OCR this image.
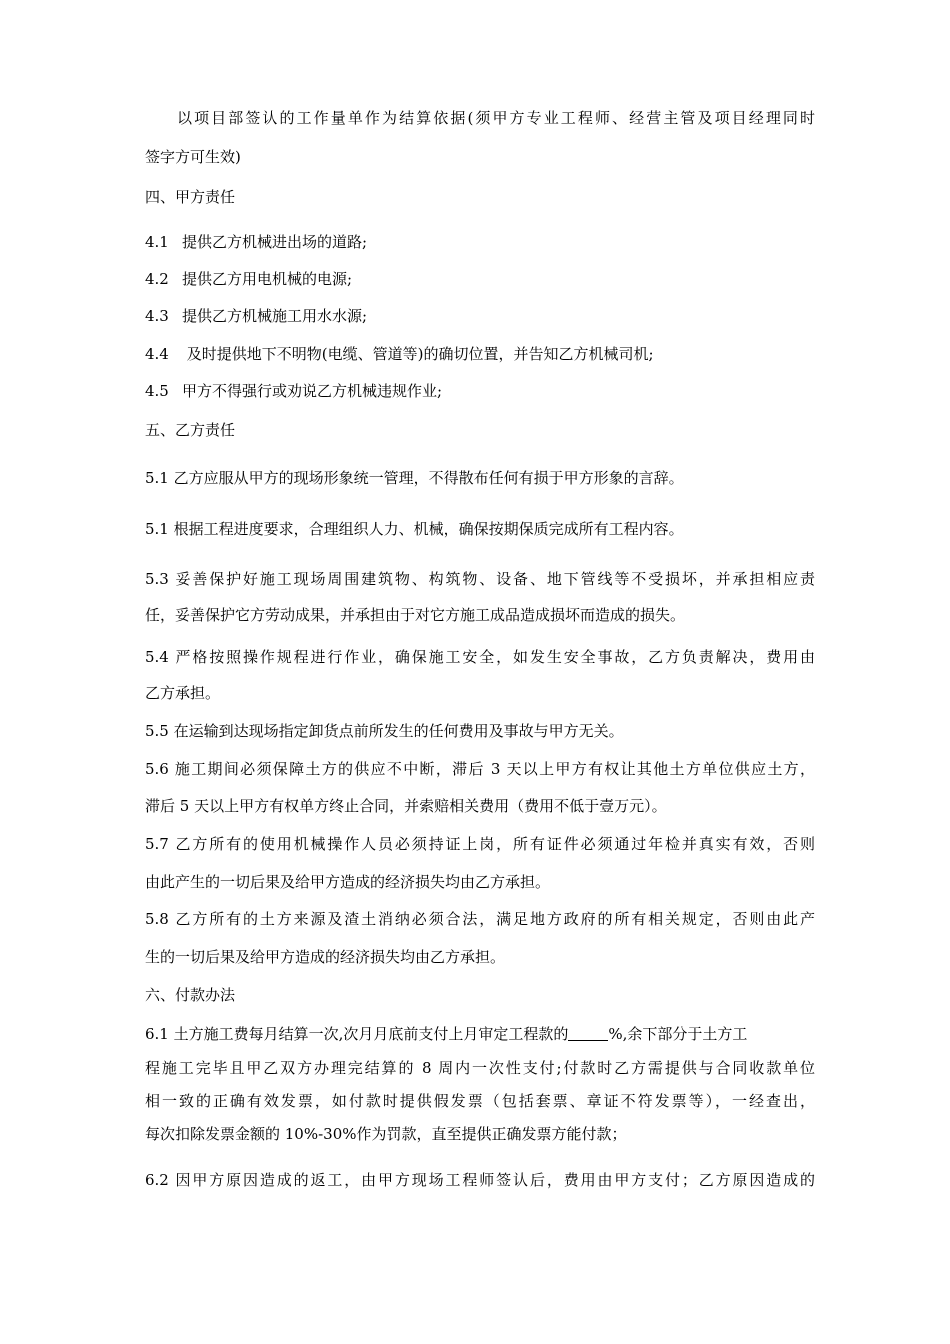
以项目部签认的工作量单作为结算依据(须甲方专业工程师、经营主管及项目经理同时
签字方可生效)
四、甲方责任
4.1 提供乙方机械进出场的道路;
4.2 提供乙方用电机械的电源;
4.3 提供乙方机械施工用水水源;
4.4 及时提供地下不明物(电缆、管道等)的确切位置，并告知乙方机械司机;
4.5 甲方不得强行或劝说乙方机械违规作业;
五、乙方责任
5.1 乙方应服从甲方的现场形象统一管理，不得散布任何有损于甲方形象的言辞。
5.1 根据工程进度要求，合理组织人力、机械，确保按期保质完成所有工程内容。
5.3 妥善保护好施工现场周围建筑物、构筑物、设备、地下管线等不受损坏，并承担相应责
任，妥善保护它方劳动成果，并承担由于对它方施工成品造成损坏而造成的损失。
5.4 严格按照操作规程进行作业，确保施工安全，如发生安全事故，乙方负责解决，费用由
乙方承担。
5.5 在运输到达现场指定卸货点前所发生的任何费用及事故与甲方无关。
5.6 施工期间必须保障土方的供应不中断，滞后 3 天以上甲方有权让其他土方单位供应土方，
滞后 5 天以上甲方有权单方终止合同，并索赔相关费用（费用不低于壹万元）。
5.7 乙方所有的使用机械操作人员必须持证上岗，所有证件必须通过年检并真实有效，否则
由此产生的一切后果及给甲方造成的经济损失均由乙方承担。
5.8 乙方所有的土方来源及渣土消纳必须合法，满足地方政府的所有相关规定，否则由此产
生的一切后果及给甲方造成的经济损失均由乙方承担。
六、付款办法
6.1 土方施工费每月结算一次,次月月底前支付上月审定工程款的	%,余下部分于土方工
程施工完毕且甲乙双方办理完结算的 8 周内一次性支付;付款时乙方需提供与合同收款单位
相一致的正确有效发票，如付款时提供假发票（包括套票、章证不符发票等），一经查出，
每次扣除发票金额的 10%-30%作为罚款，直至提供正确发票方能付款；
6.2 因甲方原因造成的返工，由甲方现场工程师签认后，费用由甲方支付；乙方原因造成的
